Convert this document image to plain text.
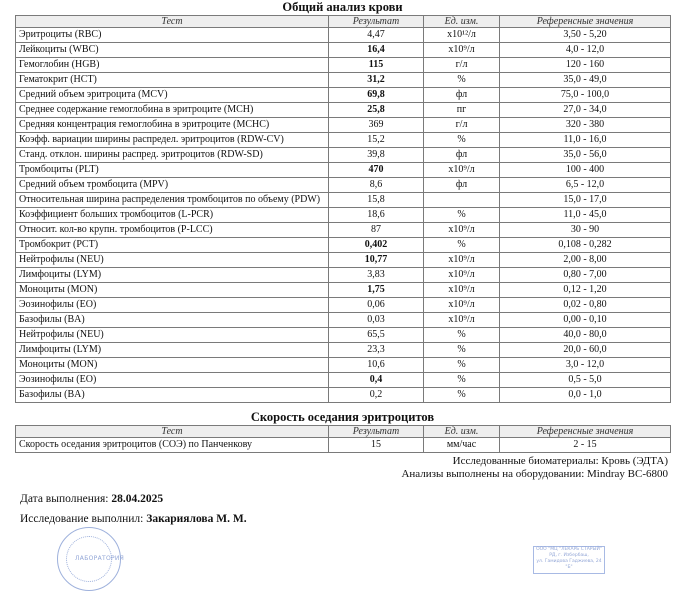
Общий анализ крови
Тест	Результат	Ед. изм.	Референсные значения
Эритроциты (RBC)	4,47	x10¹²/л	3,50 - 5,20
Лейкоциты (WBC)	16,4	x10⁹/л	4,0 - 12,0
Гемоглобин (HGB)	115	г/л	120 - 160
Гематокрит (HCT)	31,2	%	35,0 - 49,0
Средний объем эритроцита (MCV)	69,8	фл	75,0 - 100,0
Среднее содержание гемоглобина в эритроците (MCH)	25,8	пг	27,0 - 34,0
Средняя концентрация гемоглобина в эритроците (MCHC)	369	г/л	320 - 380
Коэфф. вариации ширины распредел. эритроцитов (RDW-CV)	15,2	%	11,0 - 16,0
Станд. отклон. ширины распред. эритроцитов (RDW-SD)	39,8	фл	35,0 - 56,0
Тромбоциты (PLT)	470	x10⁹/л	100 - 400
Средний объем тромбоцита (MPV)	8,6	фл	6,5 - 12,0
Относительная ширина распределения тромбоцитов по объему (PDW)	15,8		15,0 - 17,0
Коэффициент больших тромбоцитов (L-PCR)	18,6	%	11,0 - 45,0
Относит. кол-во крупн. тромбоцитов (P-LCC)	87	x10⁹/л	30 - 90
Тромбокрит (PCT)	0,402	%	0,108 - 0,282
Нейтрофилы (NEU)	10,77	x10⁹/л	2,00 - 8,00
Лимфоциты (LYM)	3,83	x10⁹/л	0,80 - 7,00
Моноциты (MON)	1,75	x10⁹/л	0,12 - 1,20
Эозинофилы (EO)	0,06	x10⁹/л	0,02 - 0,80
Базофилы (BA)	0,03	x10⁹/л	0,00 - 0,10
Нейтрофилы (NEU)	65,5	%	40,0 - 80,0
Лимфоциты (LYM)	23,3	%	20,0 - 60,0
Моноциты (MON)	10,6	%	3,0 - 12,0
Эозинофилы (EO)	0,4	%	0,5 - 5,0
Базофилы (BA)	0,2	%	0,0 - 1,0
Скорость оседания эритроцитов
Тест	Результат	Ед. изм.	Референсные значения
Скорость оседания эритроцитов (СОЭ) по Панченкову	15	мм/час	2 - 15
Исследованные биоматериалы: Кровь (ЭДТА)
Анализы выполнены на оборудовании: Mindray BC-6800
Дата выполнения: 28.04.2025
Исследование выполнил: Закариялова М. М.
ЛАБОРАТОРИЯ
ООО "МЦ "ЛЕКАРЬ СТАРЫЙ"
РД, г. Избербаш,
ул. Гамидова Гаджиева, 24 "Б"
